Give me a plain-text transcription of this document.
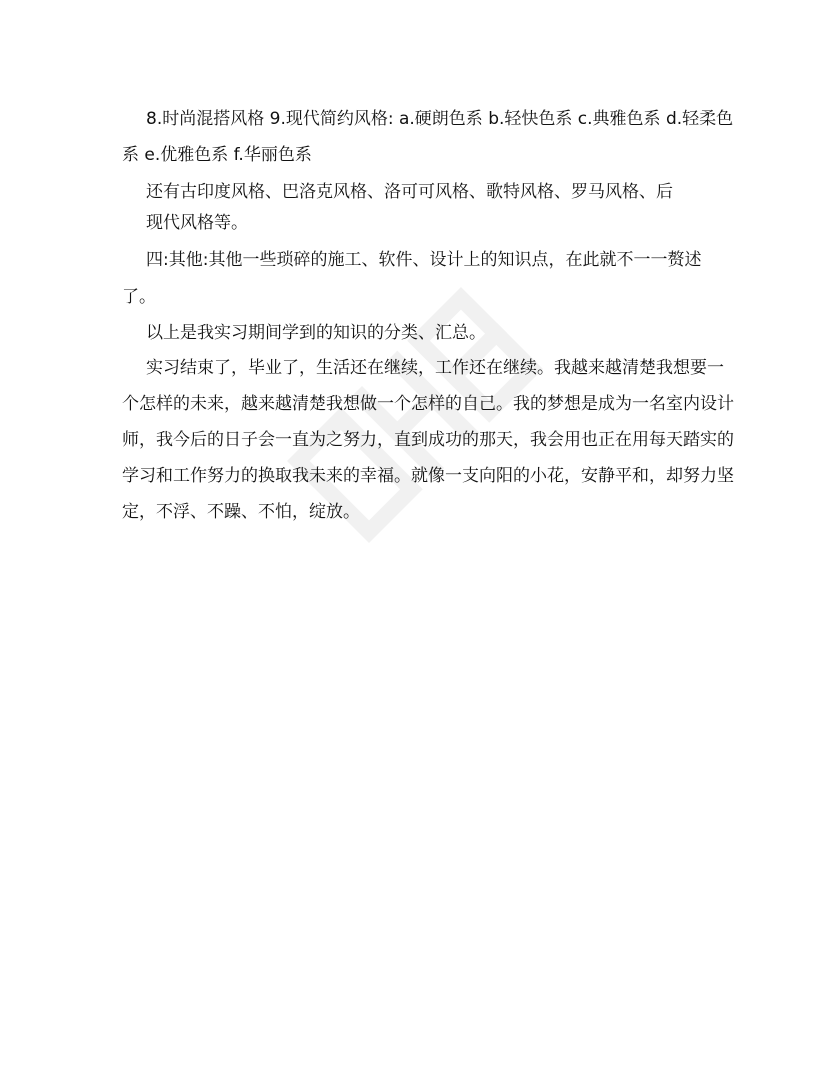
8.时尚混搭风格 9.现代简约风格: a.硬朗色系 b.轻快色系 c.典雅色系 d.轻柔色
系 e.优雅色系 f.华丽色系
还有古印度风格、巴洛克风格、洛可可风格、歌特风格、罗马风格、后
现代风格等。
四:其他:其他一些琐碎的施工、软件、设计上的知识点，在此就不一一赘述
了。
以上是我实习期间学到的知识的分类、汇总。
实习结束了，毕业了，生活还在继续，工作还在继续。我越来越清楚我想要一
个怎样的未来，越来越清楚我想做一个怎样的自己。我的梦想是成为一名室内设计
师，我今后的日子会一直为之努力，直到成功的那天，我会用也正在用每天踏实的
学习和工作努力的换取我未来的幸福。就像一支向阳的小花，安静平和，却努力坚
定，不浮、不躁、不怕，绽放。
